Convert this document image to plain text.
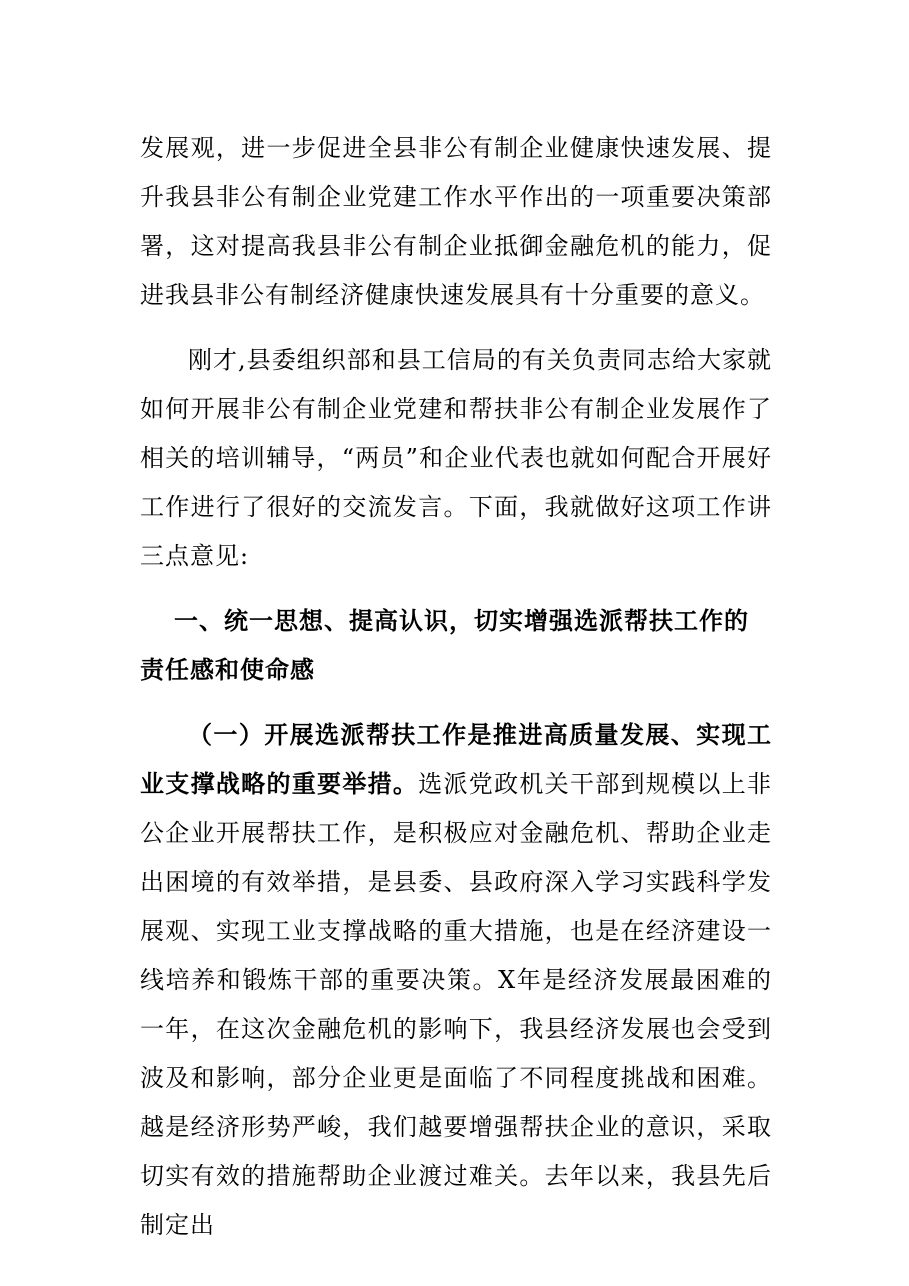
发展观，进一步促进全县非公有制企业健康快速发展、提升我县非公有制企业党建工作水平作出的一项重要决策部署，这对提高我县非公有制企业抵御金融危机的能力，促进我县非公有制经济健康快速发展具有十分重要的意义。

刚才,县委组织部和县工信局的有关负责同志给大家就如何开展非公有制企业党建和帮扶非公有制企业发展作了相关的培训辅导，“两员”和企业代表也就如何配合开展好工作进行了很好的交流发言。下面，我就做好这项工作讲三点意见:

一、统一思想、提高认识，切实增强选派帮扶工作的责任感和使命感

（一）开展选派帮扶工作是推进高质量发展、实现工业支撑战略的重要举措。选派党政机关干部到规模以上非公企业开展帮扶工作，是积极应对金融危机、帮助企业走出困境的有效举措，是县委、县政府深入学习实践科学发展观、实现工业支撑战略的重大措施，也是在经济建设一线培养和锻炼干部的重要决策。X年是经济发展最困难的一年，在这次金融危机的影响下，我县经济发展也会受到波及和影响，部分企业更是面临了不同程度挑战和困难。越是经济形势严峻，我们越要增强帮扶企业的意识，采取切实有效的措施帮助企业渡过难关。去年以来，我县先后制定出
